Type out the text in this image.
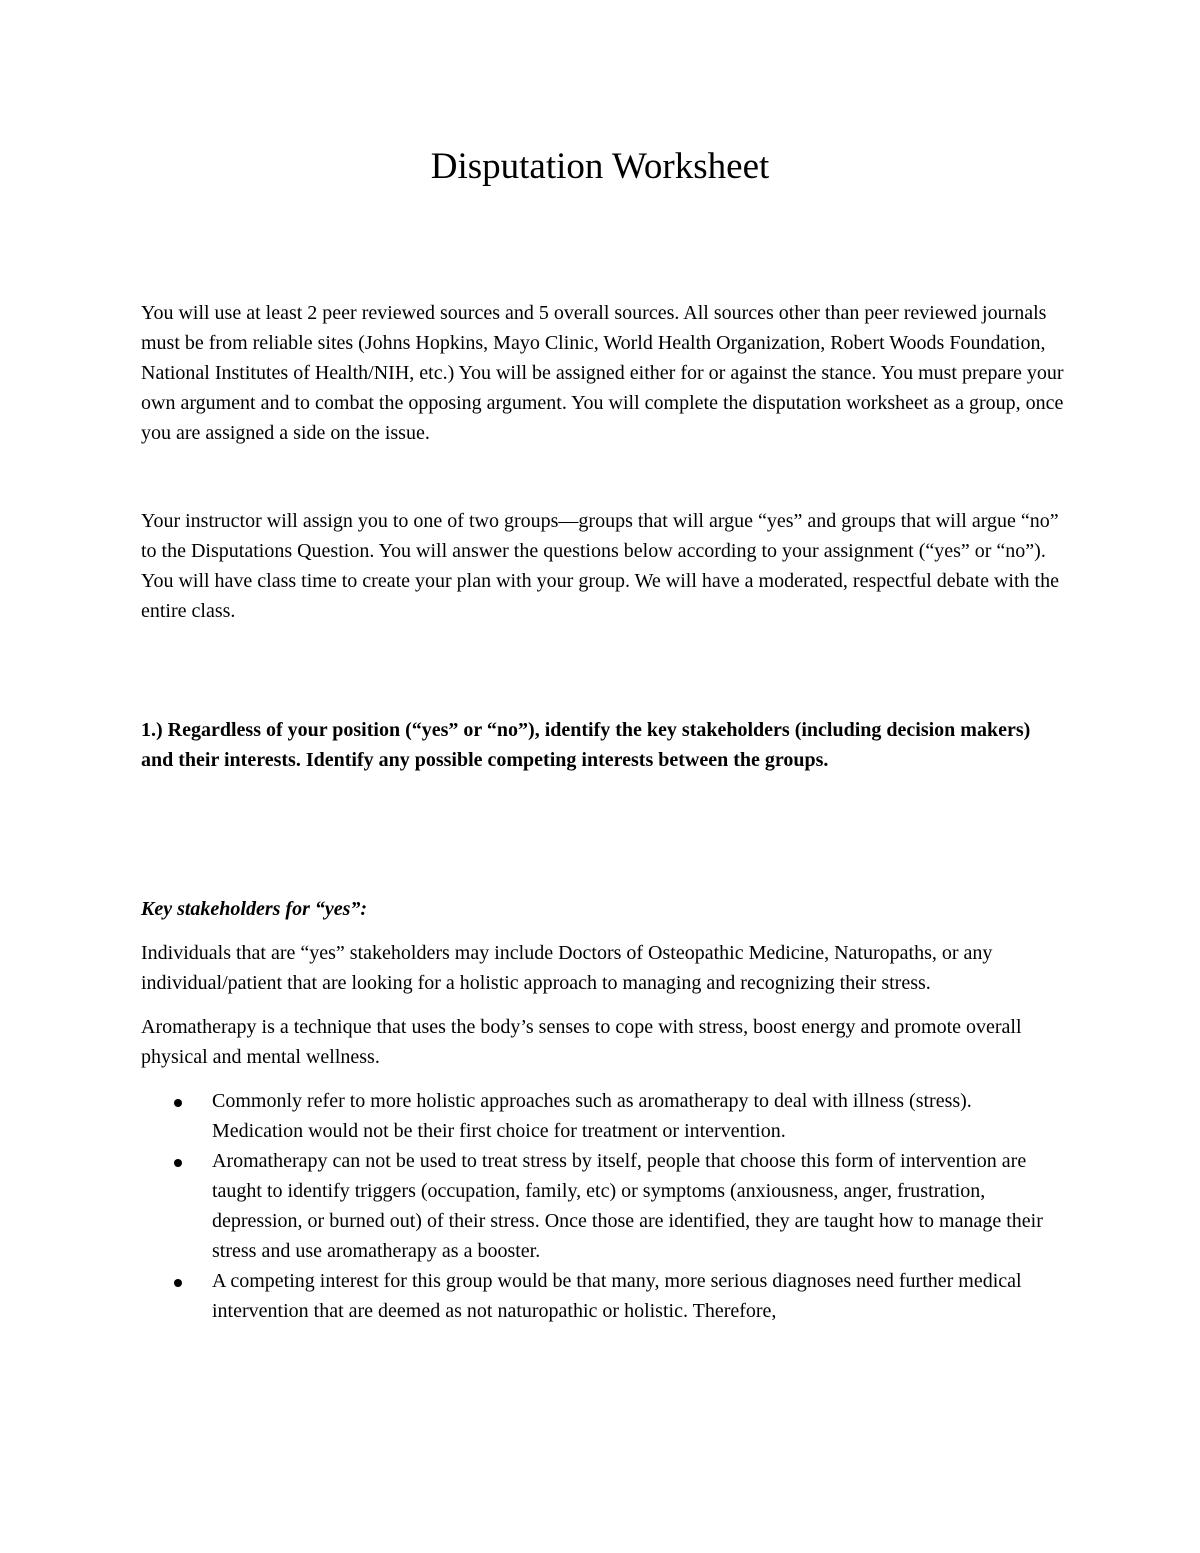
Disputation Worksheet

You will use at least 2 peer reviewed sources and 5 overall sources. All sources other than peer reviewed journals must be from reliable sites (Johns Hopkins, Mayo Clinic, World Health Organization, Robert Woods Foundation, National Institutes of Health/NIH, etc.) You will be assigned either for or against the stance. You must prepare your own argument and to combat the opposing argument. You will complete the disputation worksheet as a group, once you are assigned a side on the issue.

Your instructor will assign you to one of two groups—groups that will argue “yes” and groups that will argue “no” to the Disputations Question. You will answer the questions below according to your assignment (“yes” or “no”). You will have class time to create your plan with your group. We will have a moderated, respectful debate with the entire class.

1.) Regardless of your position (“yes” or “no”), identify the key stakeholders (including decision makers) and their interests. Identify any possible competing interests between the groups.

Key stakeholders for “yes”:

Individuals that are “yes” stakeholders may include Doctors of Osteopathic Medicine, Naturopaths, or any individual/patient that are looking for a holistic approach to managing and recognizing their stress.

Aromatherapy is a technique that uses the body’s senses to cope with stress, boost energy and promote overall physical and mental wellness.

Commonly refer to more holistic approaches such as aromatherapy to deal with illness (stress). Medication would not be their first choice for treatment or intervention.
Aromatherapy can not be used to treat stress by itself, people that choose this form of intervention are taught to identify triggers (occupation, family, etc) or symptoms (anxiousness, anger, frustration, depression, or burned out) of their stress. Once those are identified, they are taught how to manage their stress and use aromatherapy as a booster.
A competing interest for this group would be that many, more serious diagnoses need further medical intervention that are deemed as not naturopathic or holistic. Therefore,
